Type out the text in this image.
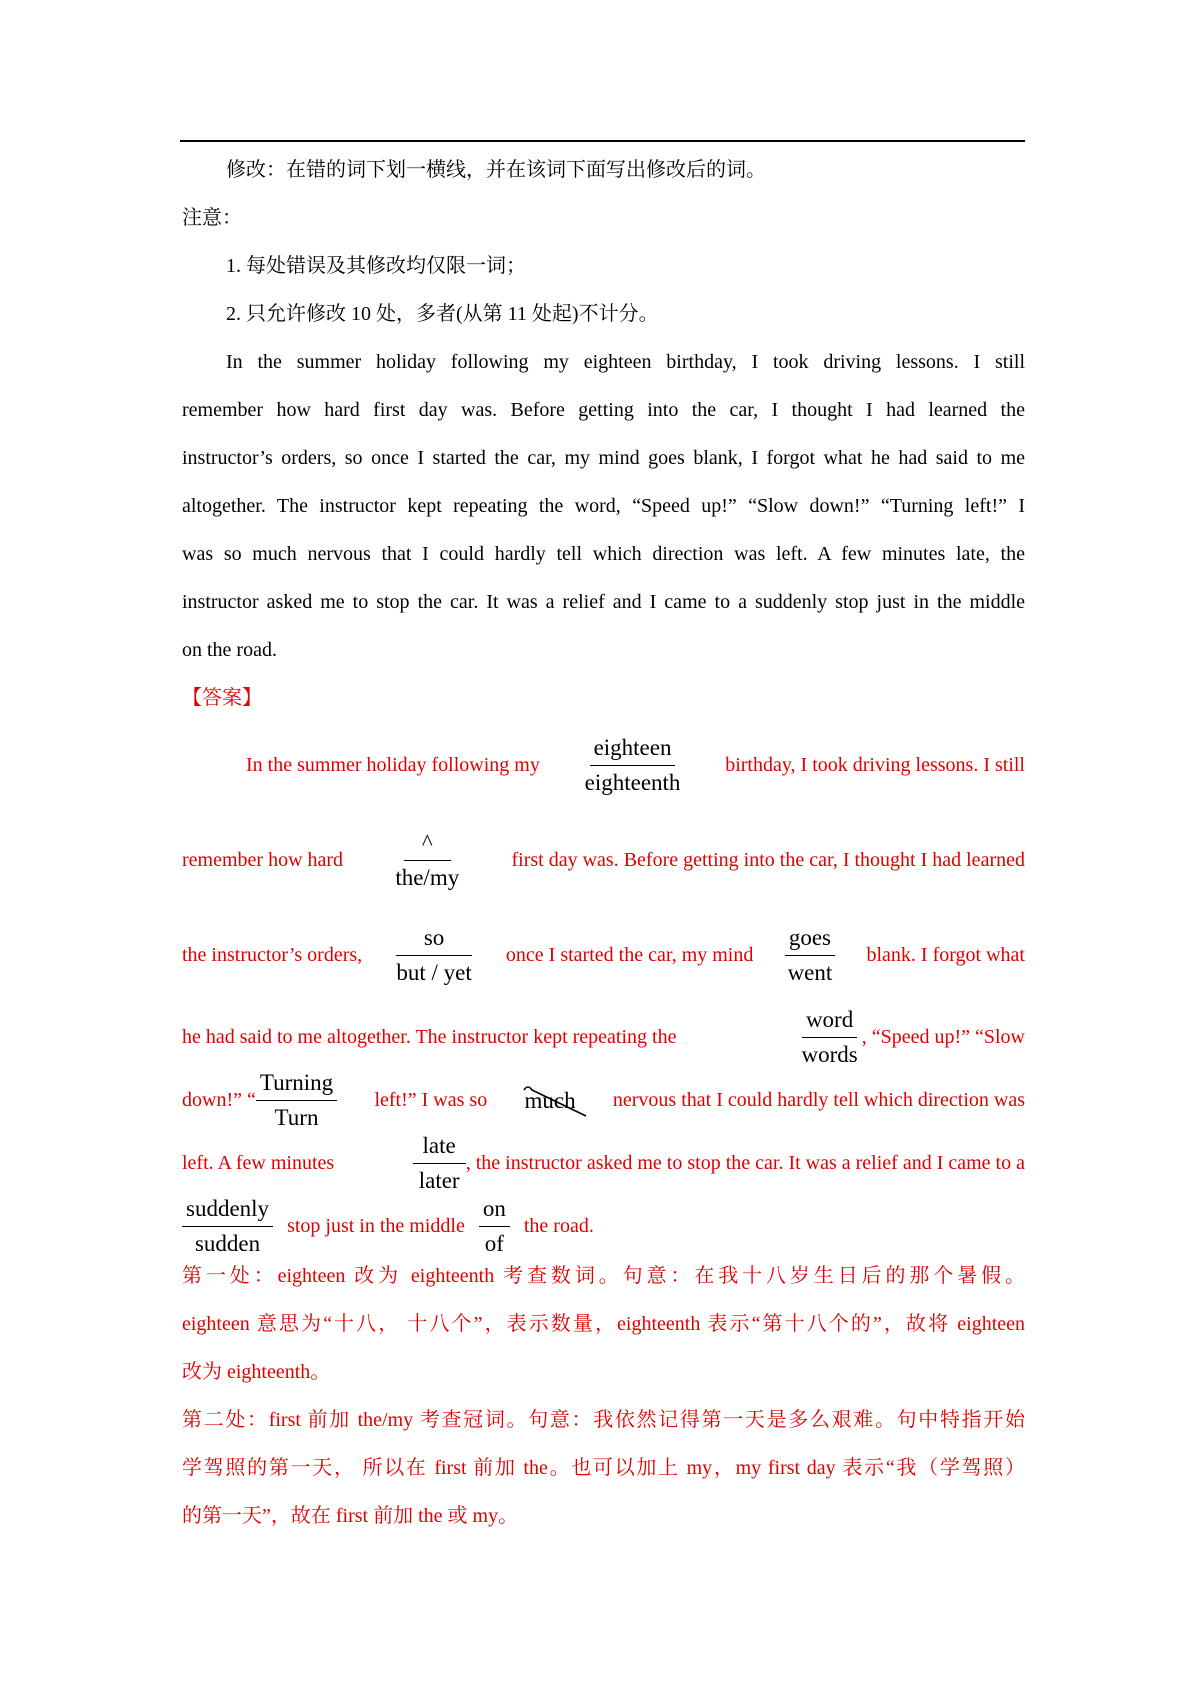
修改：在错的词下划一横线，并在该词下面写出修改后的词。
注意：
1. 每处错误及其修改均仅限一词；
2. 只允许修改 10 处，多者(从第 11 处起)不计分。
In the summer holiday following my eighteen birthday, I took driving lessons. I still
remember how hard first day was. Before getting into the car, I thought I had learned the
instructor’s orders, so once I started the car, my mind goes blank, I forgot what he had said to me
altogether. The instructor kept repeating the word, “Speed up!” “Slow down!” “Turning left!” I
was so much nervous that I could hardly tell which direction was left. A few minutes late, the
instructor asked me to stop the car. It was a relief and I came to a suddenly stop just in the middle
on the road.
【答案】
In the summer holiday following my $\frac{\text{eighteen}}{\text{eighteenth}}$ birthday, I took driving lessons. I still
remember how hard $\frac{\^{}}{\text{the/my}}$ first day was. Before getting into the car, I thought I had learned
the instructor’s orders, $\frac{so}{\text{but / yet}}$ once I started the car, my mind $\frac{\text{goes}}{\text{went}}$ blank. I forgot what
he had said to me altogether. The instructor kept repeating the	$\frac{\text{word}}{\text{words}}$ , “Speed up!” “Slow
down!” “ $\frac{\text{Turning}}{\text{Turn}}$ left!” I was so much nervous that I could hardly tell which direction was
left. A few minutes	$\frac{\text{late}}{\text{later}}$ , the instructor asked me to stop the car. It was a relief and I came to a
$\frac{\text{suddenly}}{\text{sudden}}$ stop just in the middle $\frac{on}{of}$ the road.
第一处：eighteen 改为 eighteenth 考查数词。句意：在我十八岁生日后的那个暑假。
eighteen 意思为“十八， 十八个”，表示数量，eighteenth 表示“第十八个的”，故将 eighteen
改为 eighteenth。
第二处：first 前加 the/my 考查冠词。句意：我依然记得第一天是多么艰难。句中特指开始
学驾照的第一天， 所以在 first 前加 the。也可以加上 my，my first day 表示“我（学驾照）
的第一天”，故在 first 前加 the 或 my。
